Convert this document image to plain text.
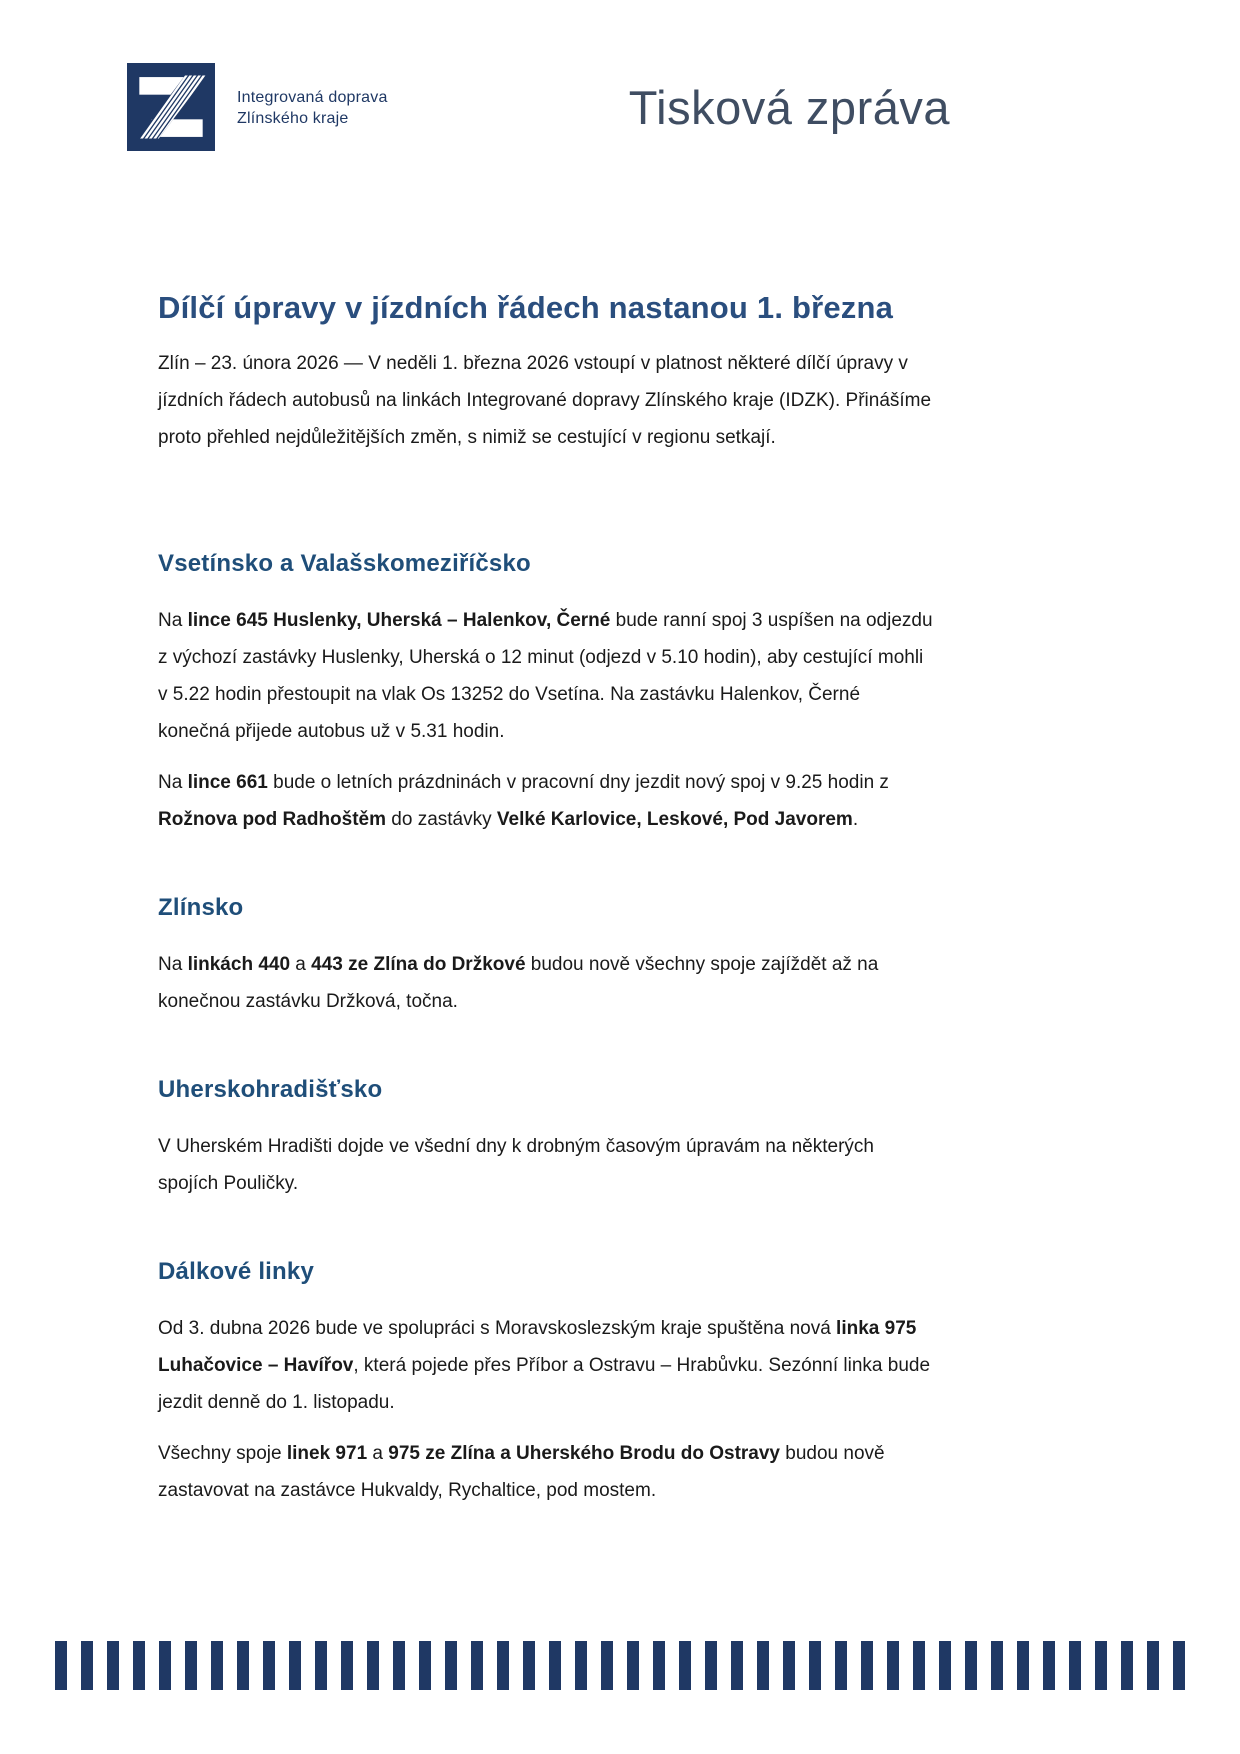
Integrovaná doprava
Zlínského kraje	Tisková zpráva
Dílčí úpravy v jízdních řádech nastanou 1. března

Zlín – 23. února 2026 — V neděli 1. března 2026 vstoupí v platnost některé dílčí úpravy v jízdních řádech autobusů na linkách Integrované dopravy Zlínského kraje (IDZK). Přinášíme proto přehled nejdůležitějších změn, s nimiž se cestující v regionu setkají.

Vsetínsko a Valašskomeziříčsko

Na lince 645 Huslenky, Uherská – Halenkov, Černé bude ranní spoj 3 uspíšen na odjezdu z výchozí zastávky Huslenky, Uherská o 12 minut (odjezd v 5.10 hodin), aby cestující mohli v 5.22 hodin přestoupit na vlak Os 13252 do Vsetína. Na zastávku Halenkov, Černé konečná přijede autobus už v 5.31 hodin.

Na lince 661 bude o letních prázdninách v pracovní dny jezdit nový spoj v 9.25 hodin z Rožnova pod Radhoštěm do zastávky Velké Karlovice, Leskové, Pod Javorem.

Zlínsko

Na linkách 440 a 443 ze Zlína do Držkové budou nově všechny spoje zajíždět až na konečnou zastávku Držková, točna.

Uherskohradišťsko

V Uherském Hradišti dojde ve všední dny k drobným časovým úpravám na některých spojích Pouličky.

Dálkové linky

Od 3. dubna 2026 bude ve spolupráci s Moravskoslezským kraje spuštěna nová linka 975 Luhačovice – Havířov, která pojede přes Příbor a Ostravu – Hrabůvku. Sezónní linka bude jezdit denně do 1. listopadu.

Všechny spoje linek 971 a 975 ze Zlína a Uherského Brodu do Ostravy budou nově zastavovat na zastávce Hukvaldy, Rychaltice, pod mostem.
